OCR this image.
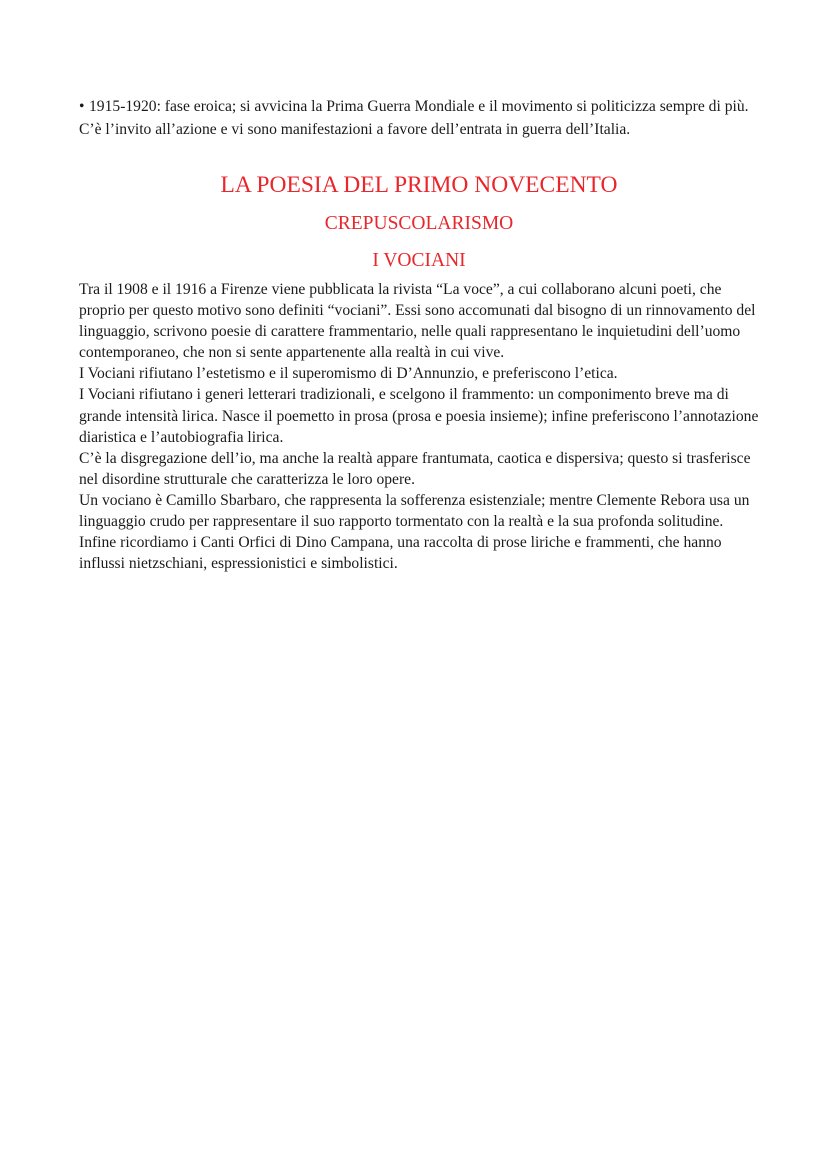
• 1915-1920: fase eroica; si avvicina la Prima Guerra Mondiale e il movimento si politicizza sempre di più. C’è l’invito all’azione e vi sono manifestazioni a favore dell’entrata in guerra dell’Italia.

LA POESIA DEL PRIMO NOVECENTO
CREPUSCOLARISMO
I VOCIANI

Tra il 1908 e il 1916 a Firenze viene pubblicata la rivista “La voce”, a cui collaborano alcuni poeti, che proprio per questo motivo sono definiti “vociani”. Essi sono accomunati dal bisogno di un rinnovamento del linguaggio, scrivono poesie di carattere frammentario, nelle quali rappresentano le inquietudini dell’uomo contemporaneo, che non si sente appartenente alla realtà in cui vive.

I Vociani rifiutano l’estetismo e il superomismo di D’Annunzio, e preferiscono l’etica.

I Vociani rifiutano i generi letterari tradizionali, e scelgono il frammento: un componimento breve ma di grande intensità lirica. Nasce il poemetto in prosa (prosa e poesia insieme); infine preferiscono l’annotazione diaristica e l’autobiografia lirica.

C’è la disgregazione dell’io, ma anche la realtà appare frantumata, caotica e dispersiva; questo si trasferisce nel disordine strutturale che caratterizza le loro opere.

Un vociano è Camillo Sbarbaro, che rappresenta la sofferenza esistenziale; mentre Clemente Rebora usa un linguaggio crudo per rappresentare il suo rapporto tormentato con la realtà e la sua profonda solitudine. Infine ricordiamo i Canti Orfici di Dino Campana, una raccolta di prose liriche e frammenti, che hanno influssi nietzschiani, espressionistici e simbolistici.
